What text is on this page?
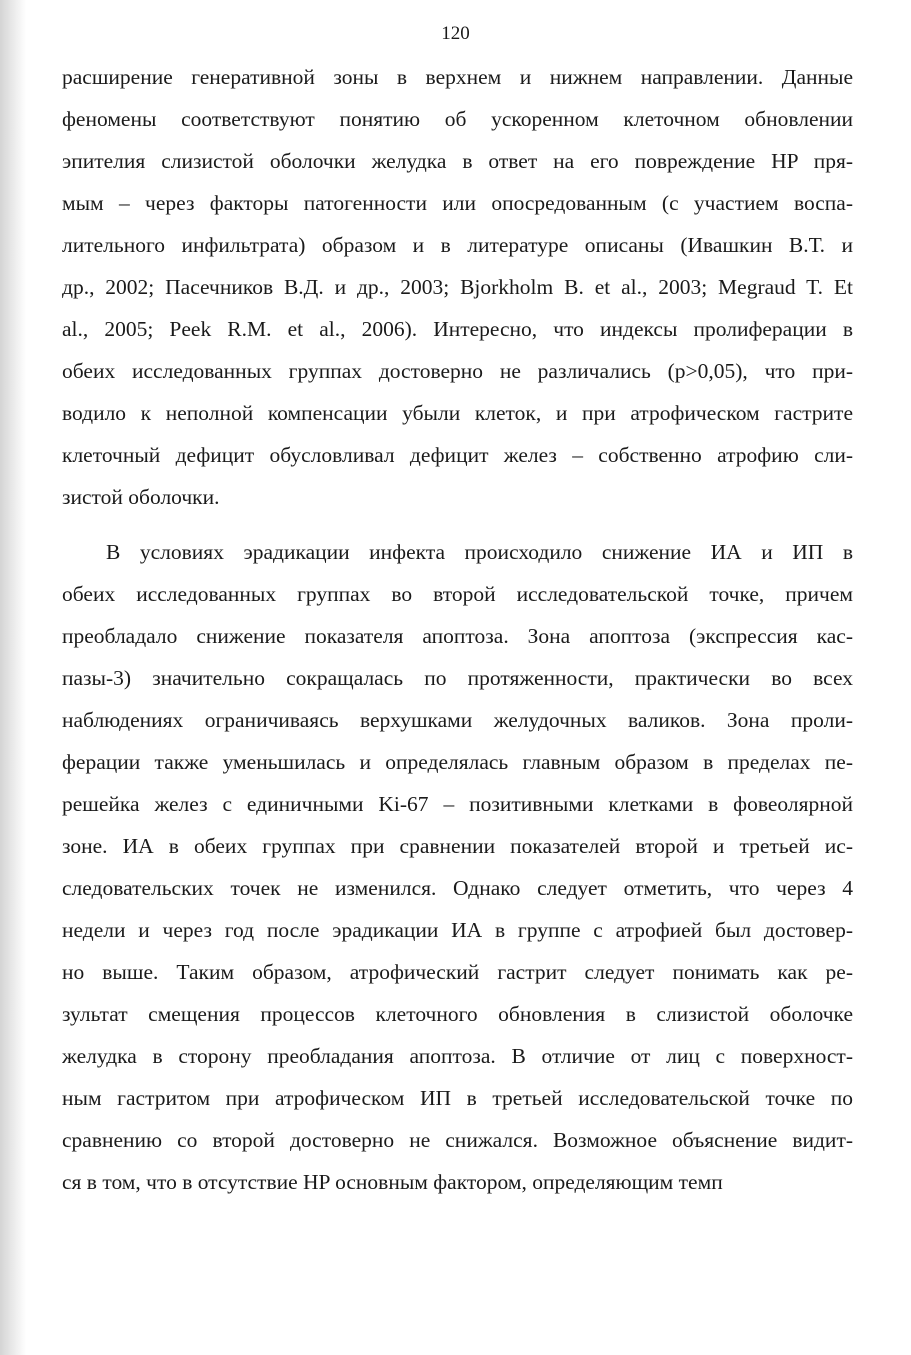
120
расширение генеративной зоны в верхнем и нижнем направлении. Данные
феномены соответствуют понятию об ускоренном клеточном обновлении
эпителия слизистой оболочки желудка в ответ на его повреждение HP пря-
мым – через факторы патогенности или опосредованным (с участием воспа-
лительного инфильтрата) образом и в литературе описаны (Ивашкин В.Т. и
др., 2002; Пасечников В.Д. и др., 2003; Bjorkholm B. et al., 2003; Megraud T. Et
al., 2005; Peek R.M. et al., 2006). Интересно, что индексы пролиферации в
обеих исследованных группах достоверно не различались (p>0,05), что при-
водило к неполной компенсации убыли клеток, и при атрофическом гастрите
клеточный дефицит обусловливал дефицит желез – собственно атрофию сли-
зистой оболочки.
В условиях эрадикации инфекта происходило снижение ИА и ИП в
обеих исследованных группах во второй исследовательской точке, причем
преобладало снижение показателя апоптоза. Зона апоптоза (экспрессия кас-
пазы-3) значительно сокращалась по протяженности, практически во всех
наблюдениях ограничиваясь верхушками желудочных валиков. Зона проли-
ферации также уменьшилась и определялась главным образом в пределах пе-
решейка желез с единичными Ki-67 – позитивными клетками в фовеолярной
зоне. ИА в обеих группах при сравнении показателей второй и третьей ис-
следовательских точек не изменился. Однако следует отметить, что через 4
недели и через год после эрадикации ИА в группе с атрофией был достовер-
но выше. Таким образом, атрофический гастрит следует понимать как ре-
зультат смещения процессов клеточного обновления в слизистой оболочке
желудка в сторону преобладания апоптоза. В отличие от лиц с поверхност-
ным гастритом при атрофическом ИП в третьей исследовательской точке по
сравнению со второй достоверно не снижался. Возможное объяснение видит-
ся в том, что в отсутствие HP основным фактором, определяющим темп
